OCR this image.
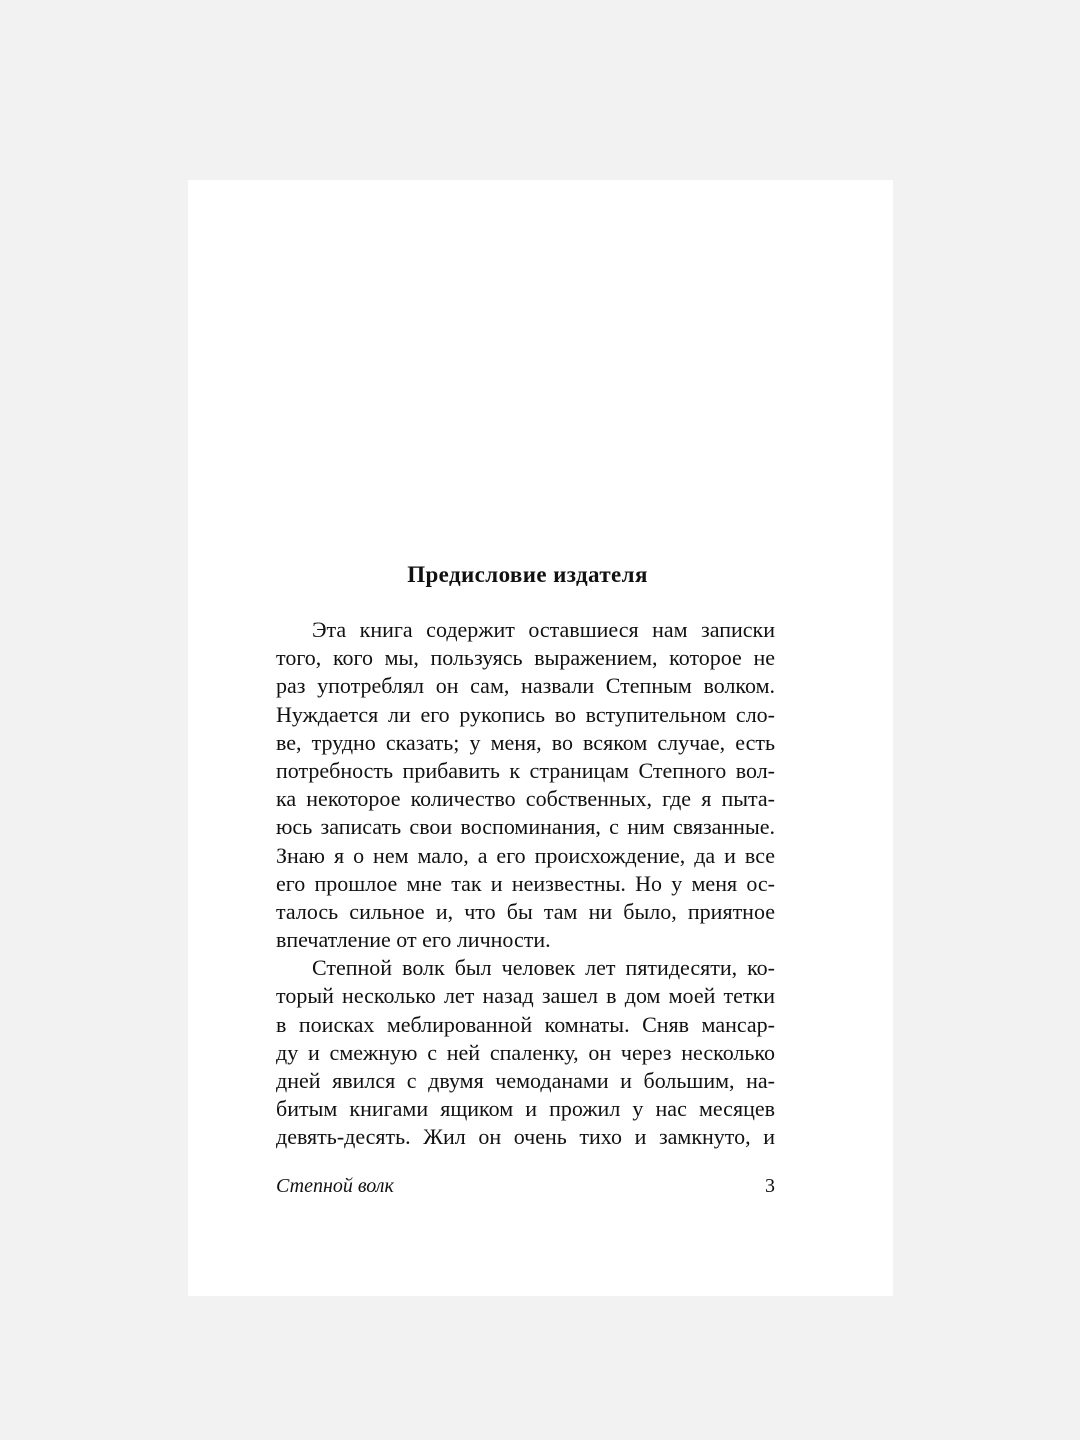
Предисловие издателя
Эта книга содержит оставшиеся нам записки
того, кого мы, пользуясь выражением, которое не
раз употреблял он сам, назвали Степным волком.
Нуждается ли его рукопись во вступительном сло-
ве, трудно сказать; у меня, во всяком случае, есть
потребность прибавить к страницам Степного вол-
ка некоторое количество собственных, где я пыта-
юсь записать свои воспоминания, с ним связанные.
Знаю я о нем мало, а его происхождение, да и все
его прошлое мне так и неизвестны. Но у меня ос-
талось сильное и, что бы там ни было, приятное
впечатление от его личности.
Степной волк был человек лет пятидесяти, ко-
торый несколько лет назад зашел в дом моей тетки
в поисках меблированной комнаты. Сняв мансар-
ду и смежную с ней спаленку, он через несколько
дней явился с двумя чемоданами и большим, на-
битым книгами ящиком и прожил у нас месяцев
девять-десять. Жил он очень тихо и замкнуто, и
Степной волк	3
